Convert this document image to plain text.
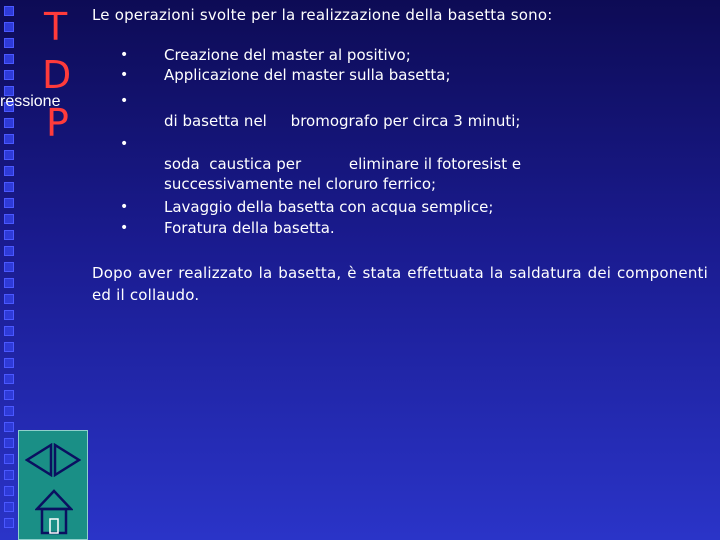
T
D
ressione
P
Le operazioni svolte per la realizzazione della basetta sono:
• Creazione del master al positivo;
• Applicazione del master sulla basetta;
•
di basetta nel     bromografo per circa 3 minuti;
•
soda  caustica per          eliminare il fotoresist e
successivamente nel cloruro ferrico;
• Lavaggio della basetta con acqua semplice;
• Foratura della basetta.
Dopo aver realizzato la basetta, è stata effettuata la saldatura dei componenti ed il collaudo.
